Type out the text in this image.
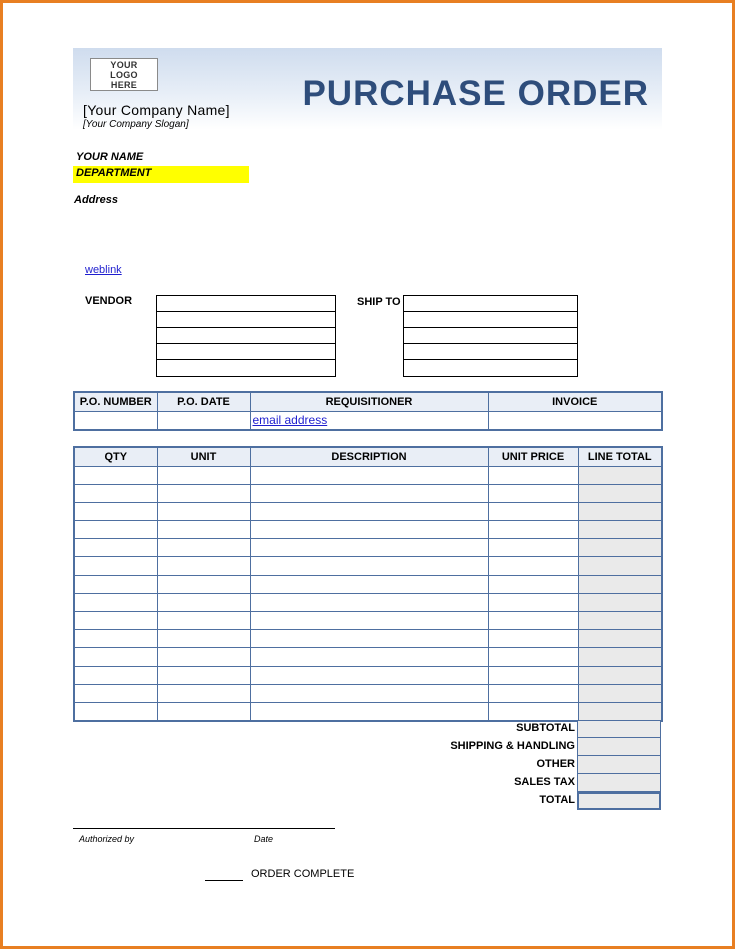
YOUR LOGO HERE	PURCHASE ORDER
[Your Company Name]
[Your Company Slogan]
YOUR NAME
DEPARTMENT
Address
weblink
VENDOR	SHIP TO
P.O. NUMBER	P.O. DATE	REQUISITIONER	INVOICE
		email address	
QTY	UNIT	DESCRIPTION	UNIT PRICE	LINE TOTAL

SUBTOTAL
SHIPPING & HANDLING
OTHER
SALES TAX
TOTAL
Authorized by	Date
ORDER COMPLETE
